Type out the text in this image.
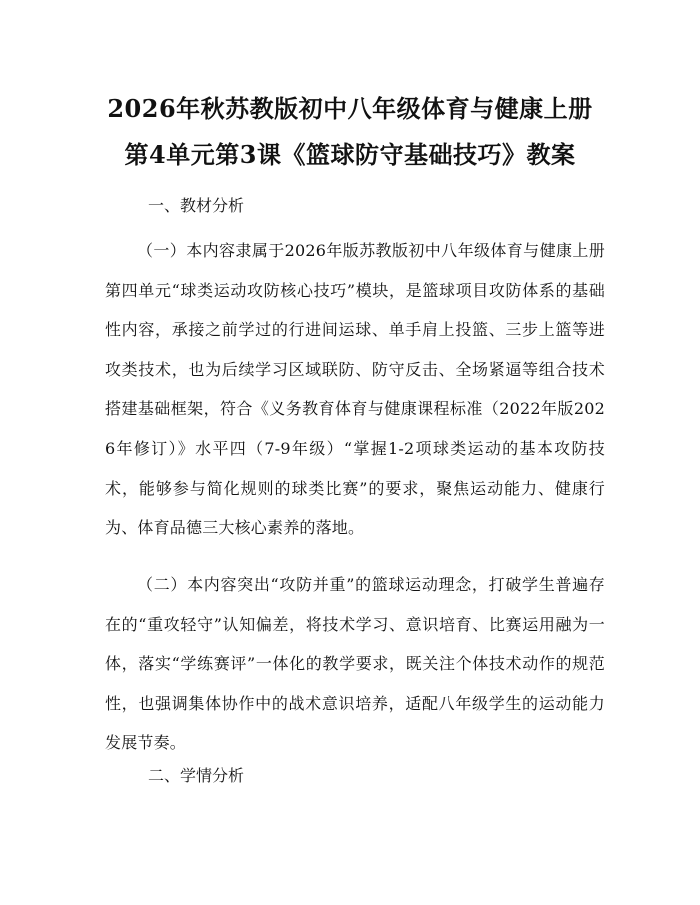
2026年秋苏教版初中八年级体育与健康上册
第4单元第3课《篮球防守基础技巧》教案

一、教材分析

（一）本内容隶属于2026年版苏教版初中八年级体育与健康上册第四单元“球类运动攻防核心技巧”模块，是篮球项目攻防体系的基础性内容，承接之前学过的行进间运球、单手肩上投篮、三步上篮等进攻类技术，也为后续学习区域联防、防守反击、全场紧逼等组合技术搭建基础框架，符合《义务教育体育与健康课程标准（2022年版2026年修订）》水平四（7-9年级）“掌握1-2项球类运动的基本攻防技术，能够参与简化规则的球类比赛”的要求，聚焦运动能力、健康行为、体育品德三大核心素养的落地。

（二）本内容突出“攻防并重”的篮球运动理念，打破学生普遍存在的“重攻轻守”认知偏差，将技术学习、意识培育、比赛运用融为一体，落实“学练赛评”一体化的教学要求，既关注个体技术动作的规范性，也强调集体协作中的战术意识培养，适配八年级学生的运动能力发展节奏。

二、学情分析
